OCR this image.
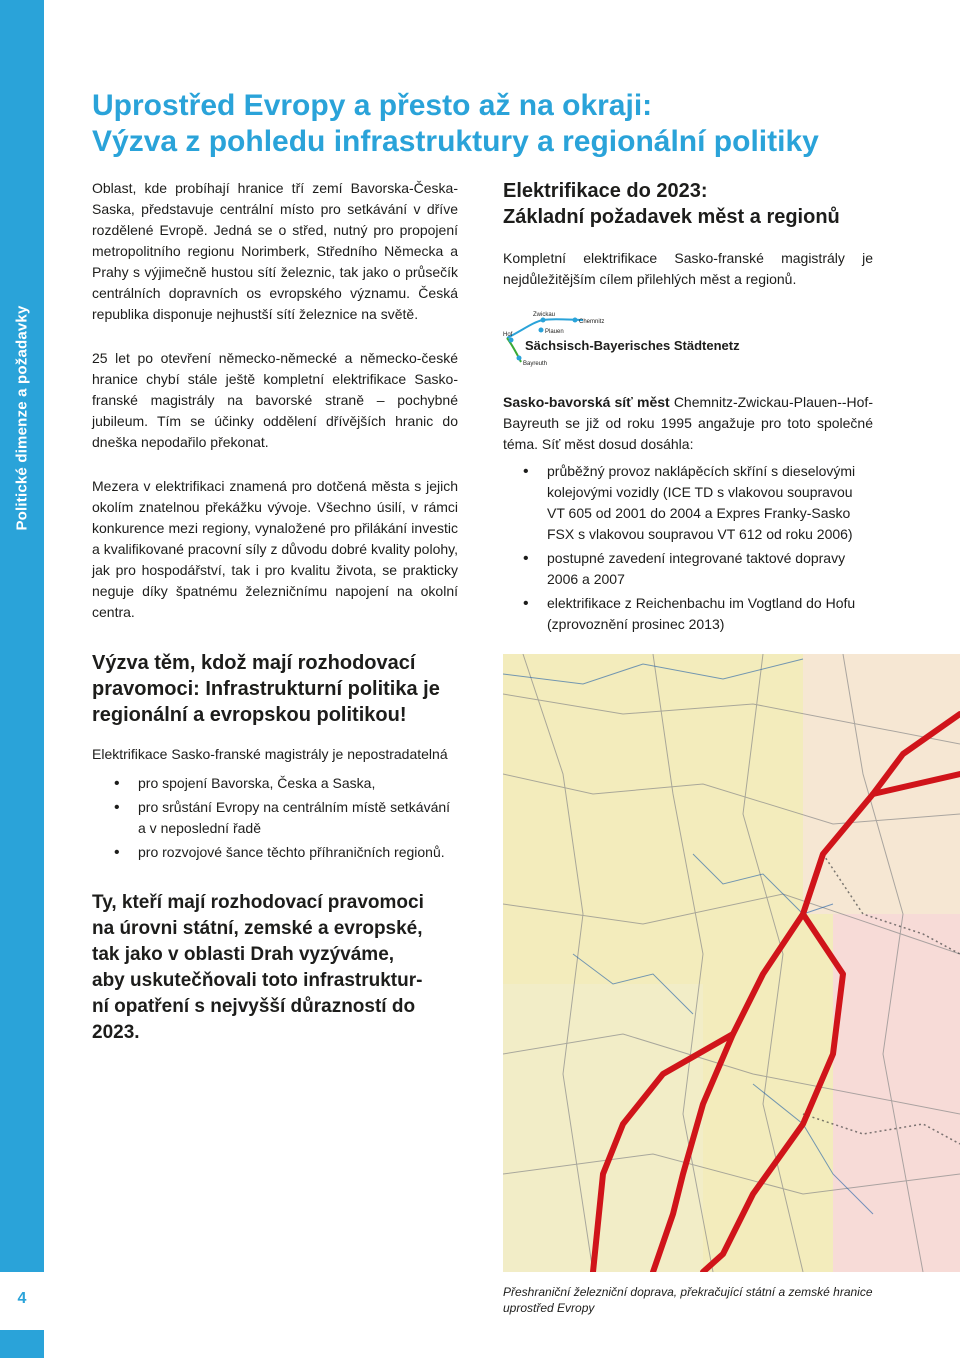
Politické dimenze a požadavky
4
Uprostřed Evropy a přesto až na okraji:
Výzva z pohledu infrastruktury a regionální politiky

Oblast, kde probíhají hranice tří zemí Bavorska-Česka-Saska, představuje centrální místo pro setkávání v dříve rozdělené Evropě. Jedná se o střed, nutný pro propojení metropolitního regionu Norimberk, Středního Německa a Prahy s výjimečně hustou sítí železnic, tak jako o průsečík centrálních dopravních os evropského významu. Česká republika disponuje nejhustší sítí železnice na světě.

25 let po otevření německo-německé a německo-české hranice chybí stále ještě kompletní elektrifikace Sasko-franské magistrály na bavorské straně – pochybné jubileum. Tím se účinky oddělení dřívějších hranic do dneška nepodařilo překonat.

Mezera v elektrifikaci znamená pro dotčená města s jejich okolím znatelnou překážku vývoje. Všechno úsilí, v rámci konkurence mezi regiony, vynaložené pro přilákání investic a kvalifikované pracovní síly z důvodu dobré kvality polohy, jak pro hospodářství, tak i pro kvalitu života, se prakticky neguje díky špatnému železničnímu napojení na okolní centra.

Výzva těm, kdož mají rozhodovací
pravomoci: Infrastrukturní politika je
regionální a evropskou politikou!

Elektrifikace Sasko-franské magistrály je nepostradatelná

• pro spojení Bavorska, Česka a Saska,
• pro srůstání Evropy na centrálním místě setkávání a v neposlední řadě
• pro rozvojové šance těchto příhraničních regionů.
Ty, kteří mají rozhodovací pravomoci
na úrovni státní, zemské a evropské,
tak jako v oblasti Drah vyzýváme,
aby uskutečňovali toto infrastruktur-
ní opatření s nejvyšší důrazností do
2023.
Elektrifikace do 2023:
Základní požadavek měst a regionů

Kompletní elektrifikace Sasko-franské magistrály je nejdůležitějším cílem přilehlých měst a regionů.

Zwickau
Chemnitz
Plauen
Hof
Bayreuth
Sächsisch-Bayerisches Städtenetz

Sasko-bavorská síť měst Chemnitz-Zwickau-Plauen--Hof-Bayreuth se již od roku 1995 angažuje pro toto společné téma. Síť měst dosud dosáhla:

• průběžný provoz naklápěcích skříní s dieselovými kolejovými vozidly (ICE TD s vlakovou soupravou VT 605 od 2001 do 2004 a Expres Franky-Sasko FSX s vlakovou soupravou VT 612 od roku 2006)
• postupné zavedení integrované taktové dopravy 2006 a 2007
• elektrifikace z Reichenbachu im Vogtland do Hofu (zprovoznění prosinec 2013)

Přeshraniční železniční doprava, překračující státní a zemské hranice uprostřed Evropy
